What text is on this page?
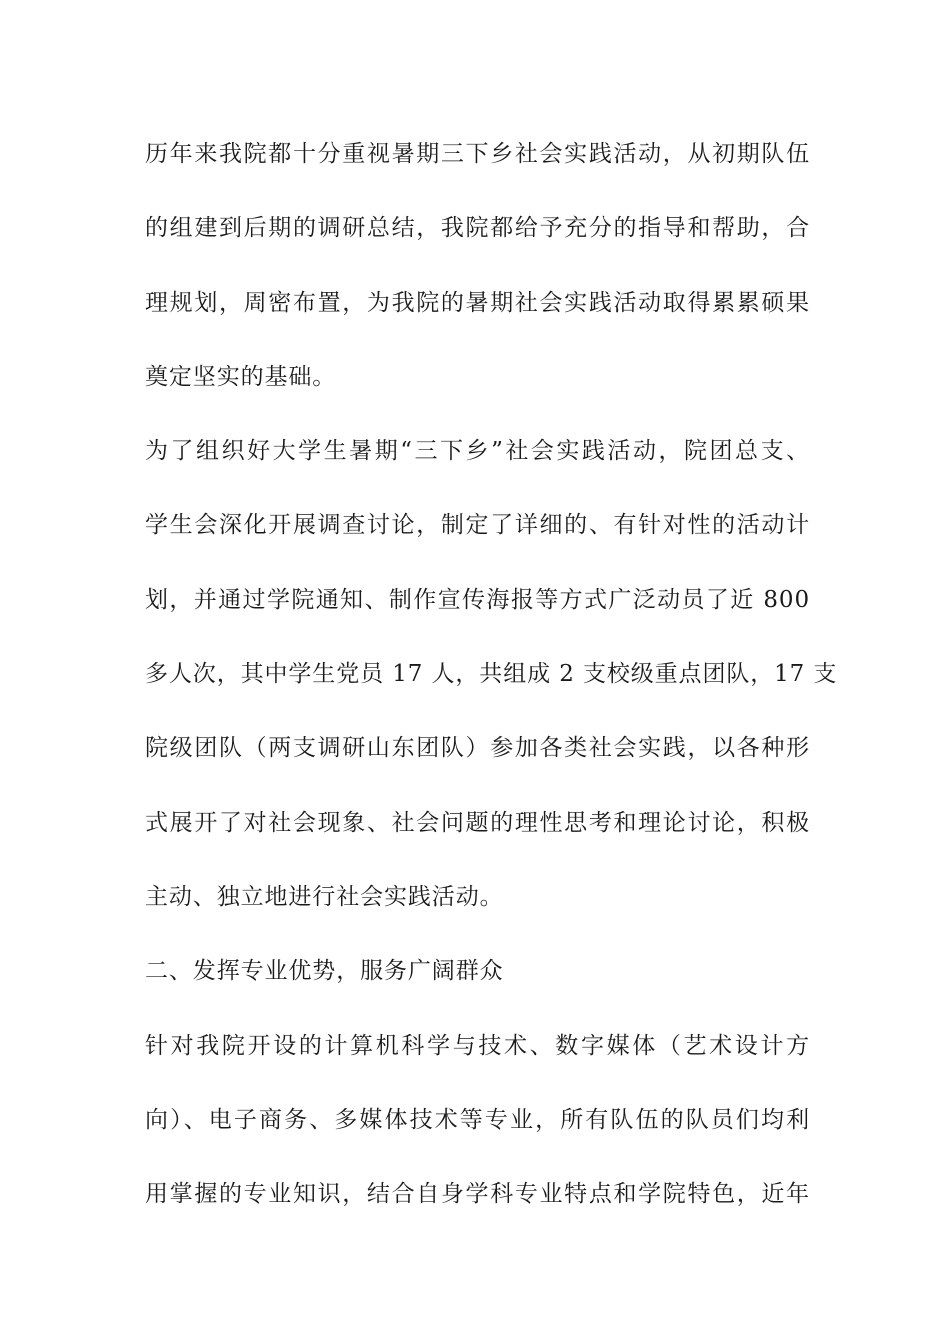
历年来我院都十分重视暑期三下乡社会实践活动，从初期队伍
的组建到后期的调研总结，我院都给予充分的指导和帮助，合
理规划，周密布置，为我院的暑期社会实践活动取得累累硕果
奠定坚实的基础。
为了组织好大学生暑期“三下乡”社会实践活动，院团总支、
学生会深化开展调查讨论，制定了详细的、有针对性的活动计
划，并通过学院通知、制作宣传海报等方式广泛动员了近 800
多人次，其中学生党员 17 人，共组成 2 支校级重点团队，17 支
院级团队（两支调研山东团队）参加各类社会实践，以各种形
式展开了对社会现象、社会问题的理性思考和理论讨论，积极
主动、独立地进行社会实践活动。
二、发挥专业优势，服务广阔群众
针对我院开设的计算机科学与技术、数字媒体（艺术设计方
向）、电子商务、多媒体技术等专业，所有队伍的队员们均利
用掌握的专业知识，结合自身学科专业特点和学院特色，近年
